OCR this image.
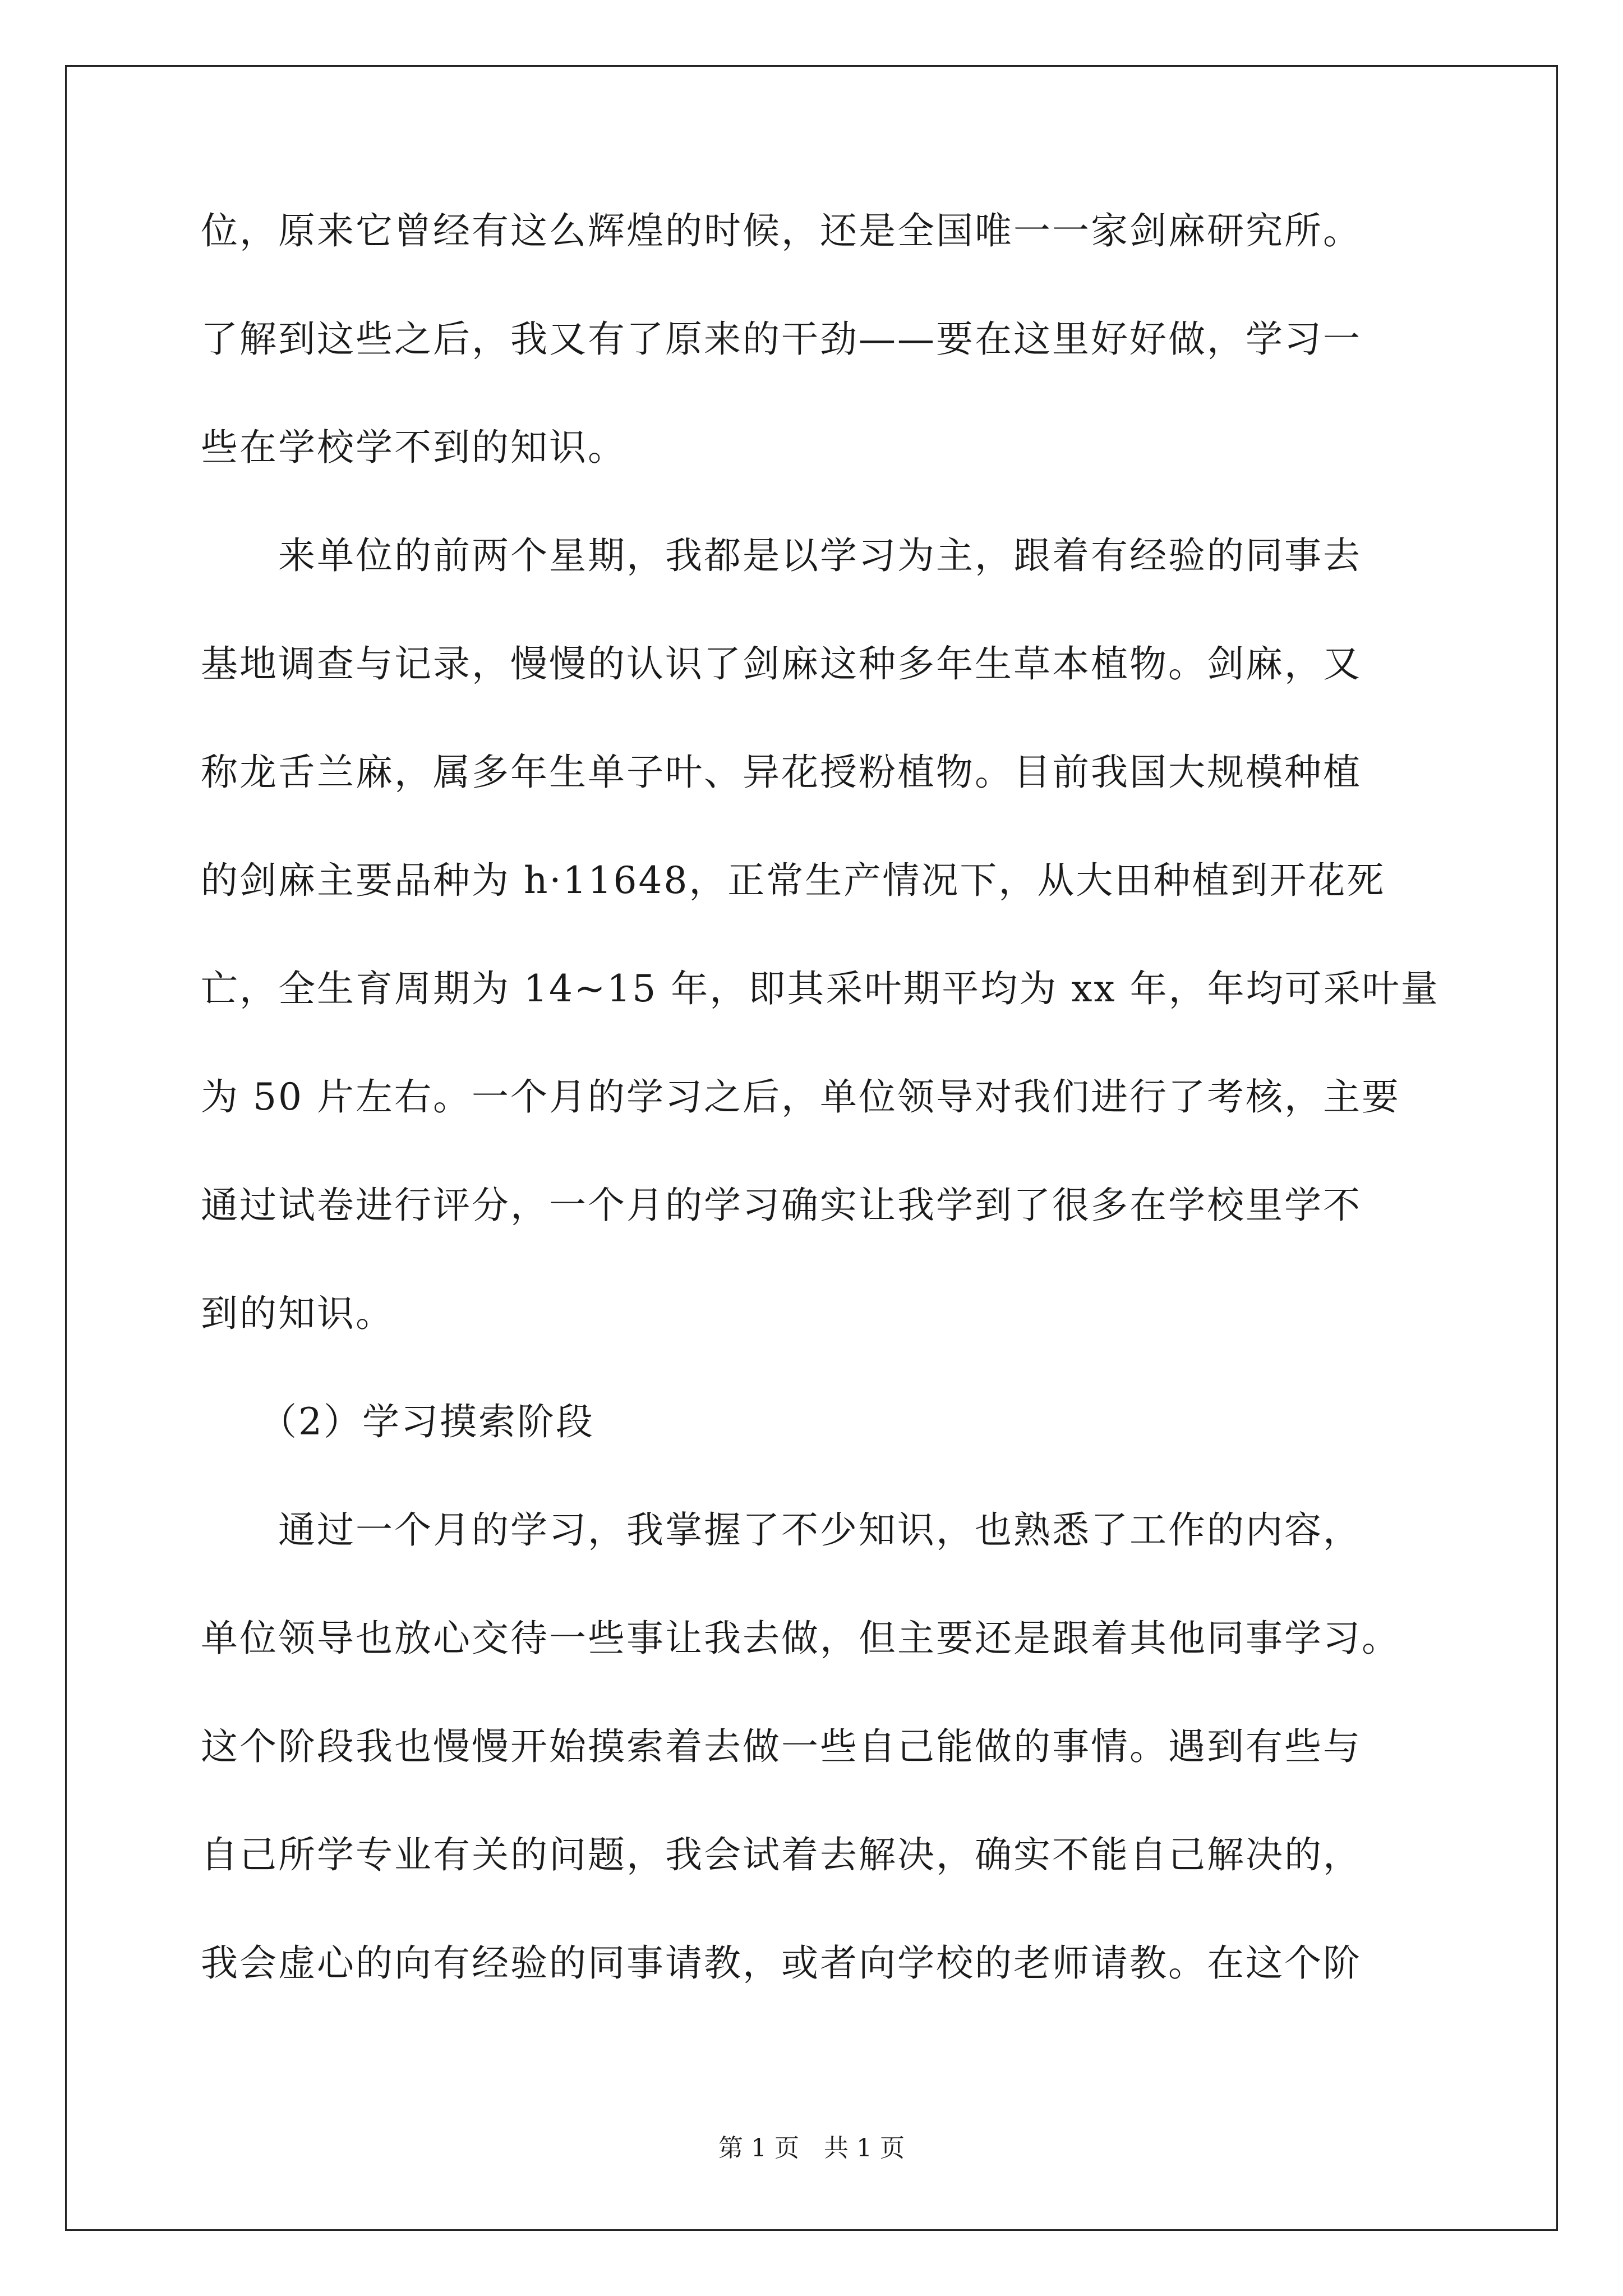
位，原来它曾经有这么辉煌的时候，还是全国唯一一家剑麻研究所。
了解到这些之后，我又有了原来的干劲——要在这里好好做，学习一
些在学校学不到的知识。
　　来单位的前两个星期，我都是以学习为主，跟着有经验的同事去
基地调查与记录，慢慢的认识了剑麻这种多年生草本植物。剑麻，又
称龙舌兰麻，属多年生单子叶、异花授粉植物。目前我国大规模种植
的剑麻主要品种为 h·11648，正常生产情况下，从大田种植到开花死
亡，全生育周期为 14~15 年，即其采叶期平均为 xx 年，年均可采叶量
为 50 片左右。一个月的学习之后，单位领导对我们进行了考核，主要
通过试卷进行评分，一个月的学习确实让我学到了很多在学校里学不
到的知识。
　　（2）学习摸索阶段
　　通过一个月的学习，我掌握了不少知识，也熟悉了工作的内容，
单位领导也放心交待一些事让我去做，但主要还是跟着其他同事学习。
这个阶段我也慢慢开始摸索着去做一些自己能做的事情。遇到有些与
自己所学专业有关的问题，我会试着去解决，确实不能自己解决的，
我会虚心的向有经验的同事请教，或者向学校的老师请教。在这个阶
第 1 页　共 1 页
